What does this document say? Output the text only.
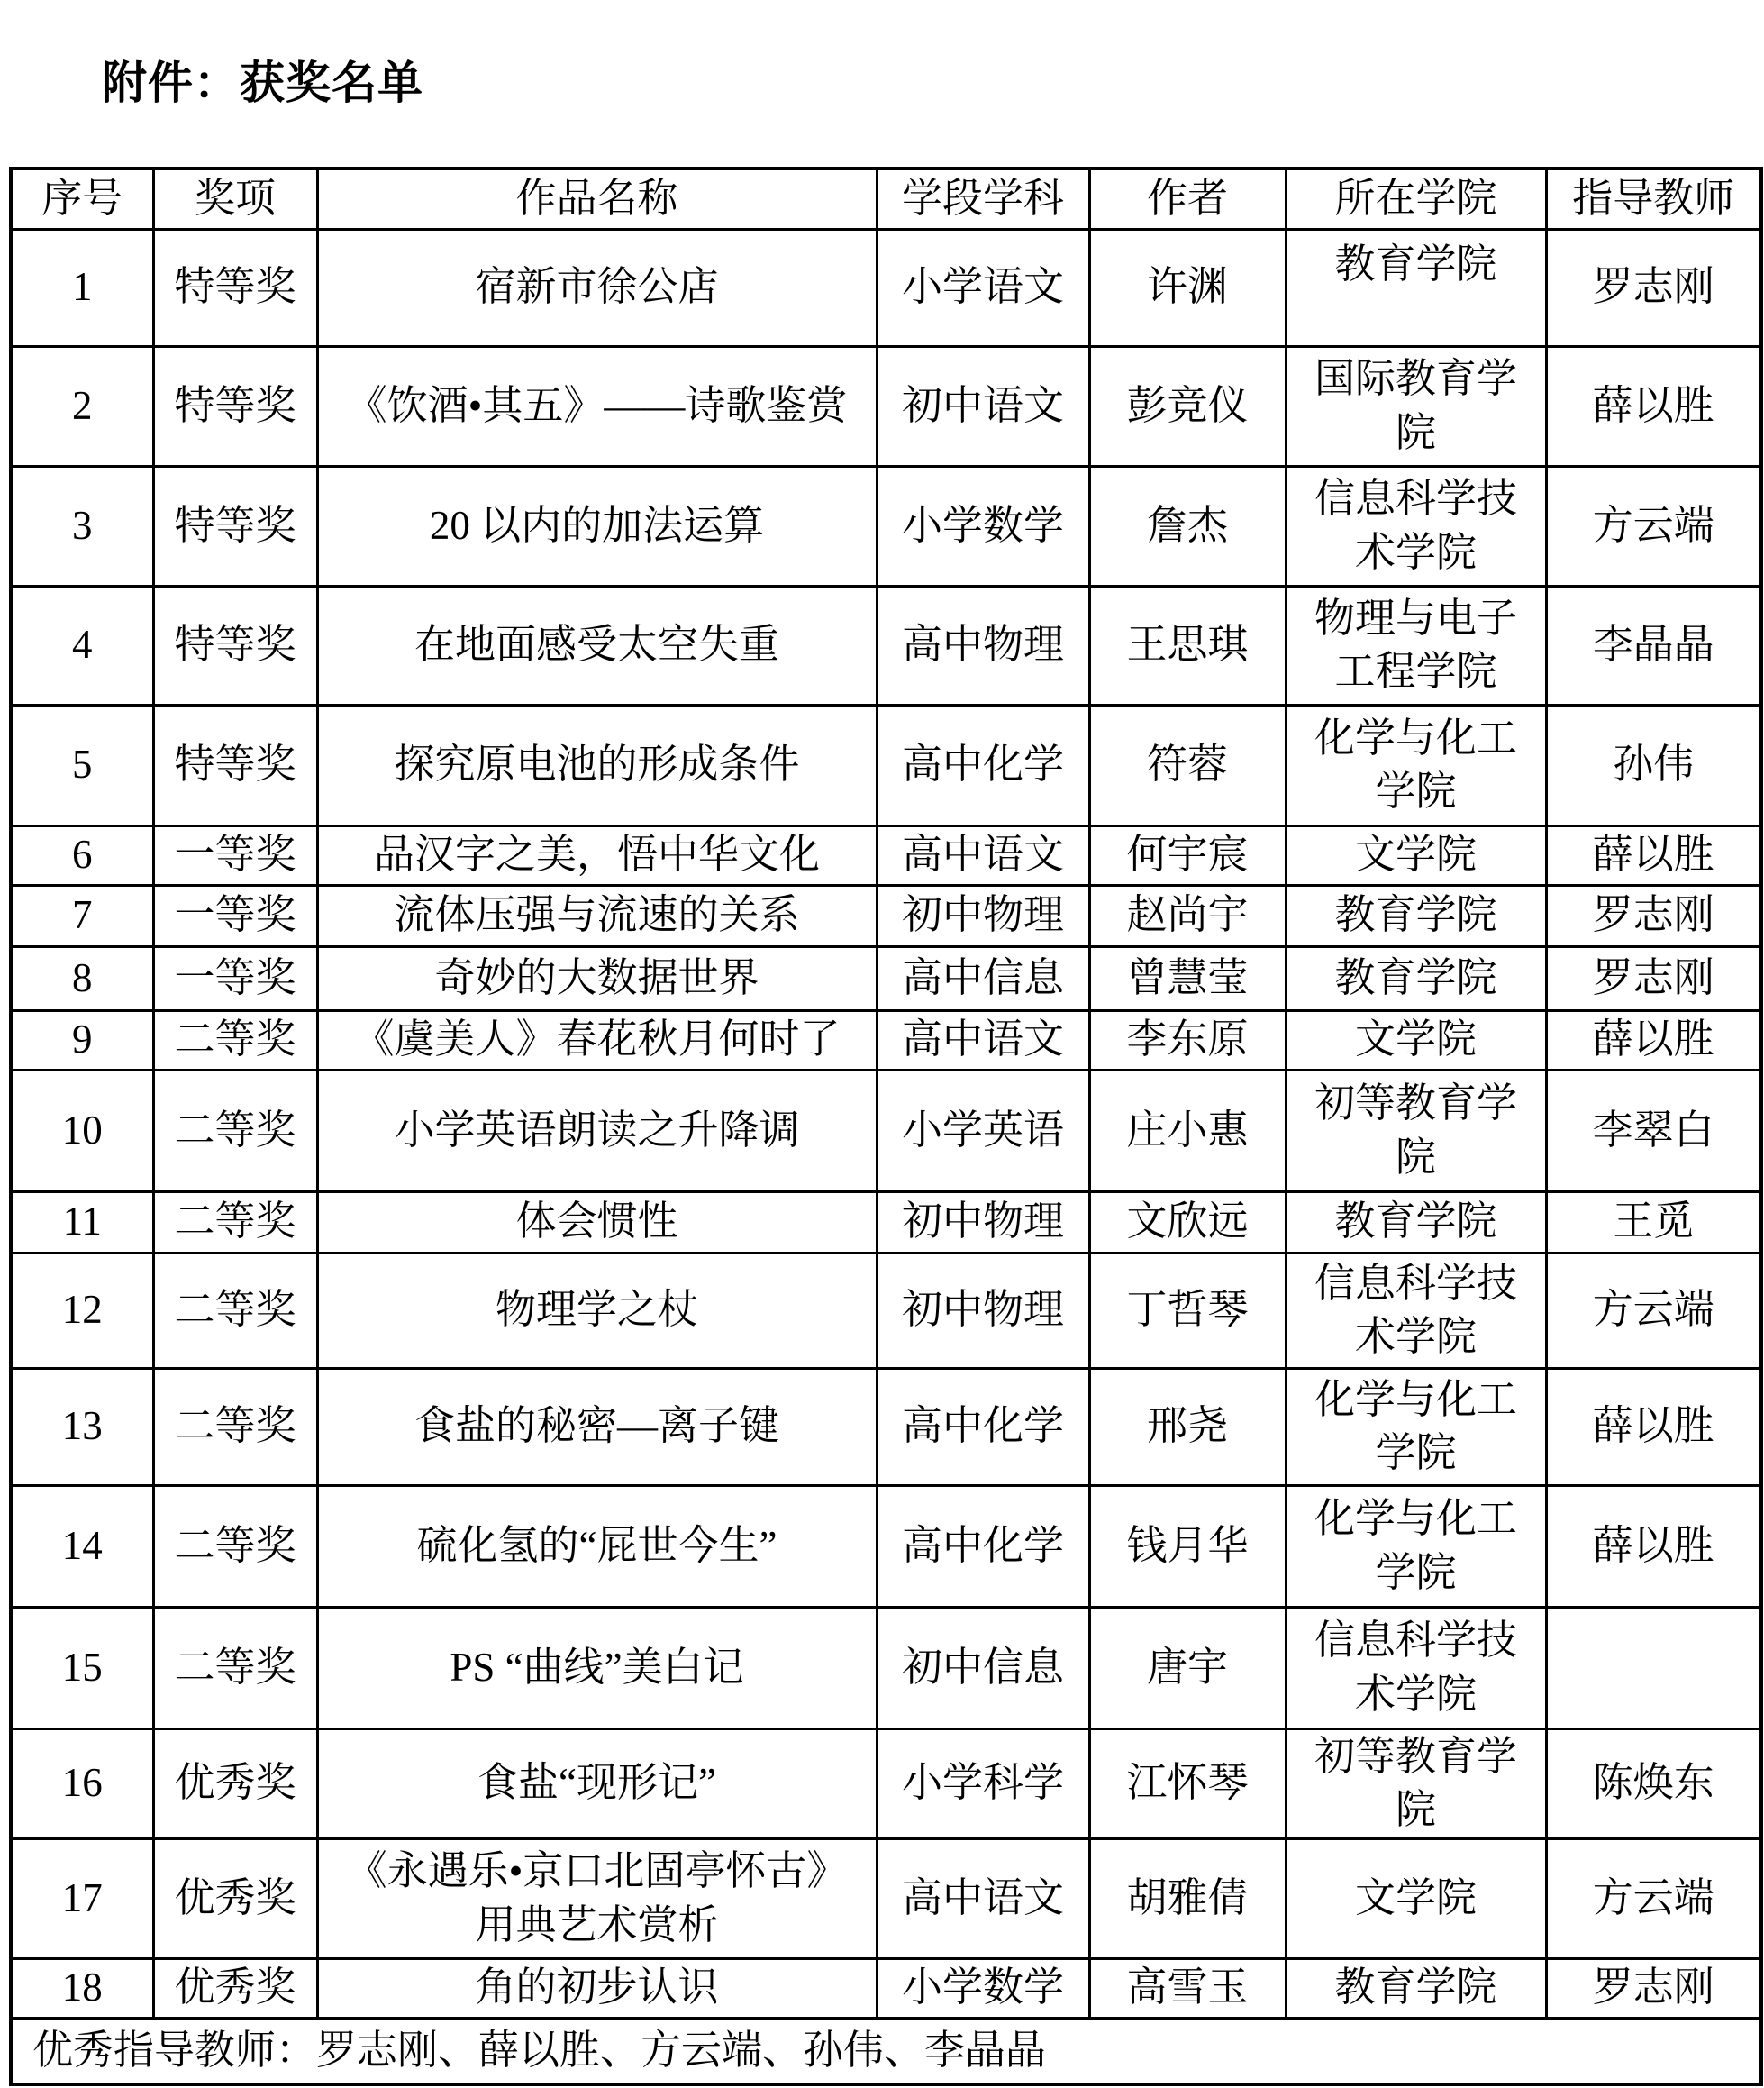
附件：获奖名单
序号	奖项	作品名称	学段学科	作者	所在学院	指导教师
1	特等奖	宿新市徐公店	小学语文	许渊	教育学院	罗志刚
2	特等奖	《饮酒•其五》——诗歌鉴赏	初中语文	彭竞仪	国际教育学院	薛以胜
3	特等奖	20 以内的加法运算	小学数学	詹杰	信息科学技术学院	方云端
4	特等奖	在地面感受太空失重	高中物理	王思琪	物理与电子工程学院	李晶晶
5	特等奖	探究原电池的形成条件	高中化学	符蓉	化学与化工学院	孙伟
6	一等奖	品汉字之美，悟中华文化	高中语文	何宇宸	文学院	薛以胜
7	一等奖	流体压强与流速的关系	初中物理	赵尚宇	教育学院	罗志刚
8	一等奖	奇妙的大数据世界	高中信息	曾慧莹	教育学院	罗志刚
9	二等奖	《虞美人》春花秋月何时了	高中语文	李东原	文学院	薛以胜
10	二等奖	小学英语朗读之升降调	小学英语	庄小惠	初等教育学院	李翠白
11	二等奖	体会惯性	初中物理	文欣远	教育学院	王觅
12	二等奖	物理学之杖	初中物理	丁哲琴	信息科学技术学院	方云端
13	二等奖	食盐的秘密—离子键	高中化学	邢尧	化学与化工学院	薛以胜
14	二等奖	硫化氢的“屁世今生”	高中化学	钱月华	化学与化工学院	薛以胜
15	二等奖	PS “曲线”美白记	初中信息	唐宇	信息科学技术学院	
16	优秀奖	食盐“现形记”	小学科学	江怀琴	初等教育学院	陈焕东
17	优秀奖	《永遇乐•京口北固亭怀古》用典艺术赏析	高中语文	胡雅倩	文学院	方云端
18	优秀奖	角的初步认识	小学数学	高雪玉	教育学院	罗志刚
优秀指导教师：罗志刚、薛以胜、方云端、孙伟、李晶晶						
